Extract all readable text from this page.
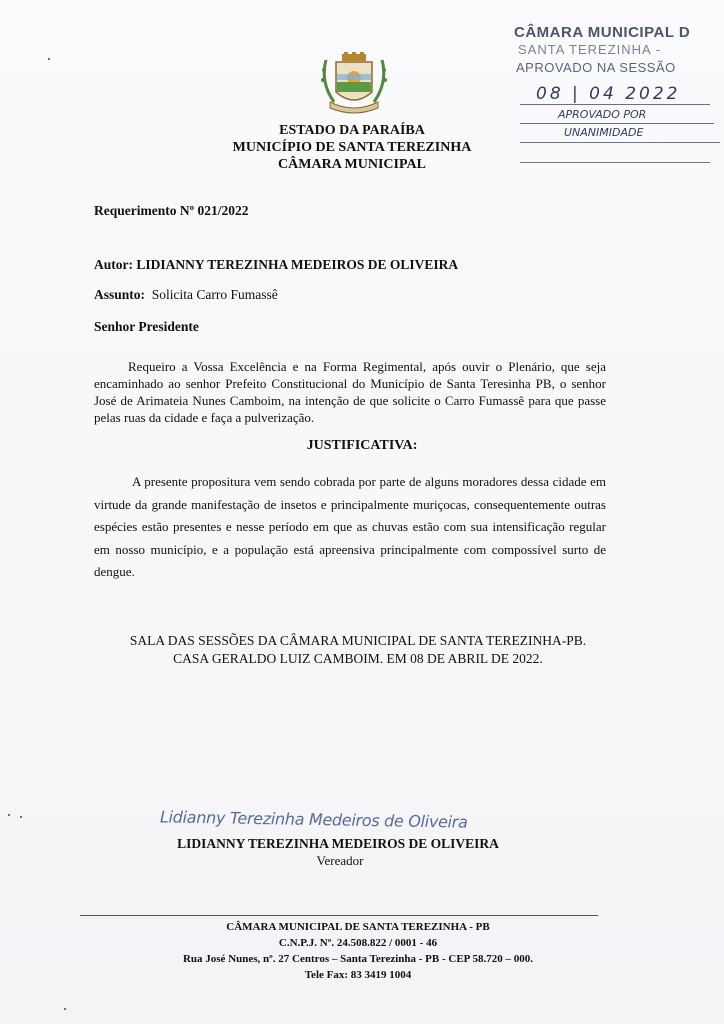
CÂMARA MUNICIPAL D
SANTA TEREZINHA -
APROVADO NA SESSÃO
08 | 04 2022
APROVADO POR
UNANIMIDADE
ESTADO DA PARAÍBA
MUNICÍPIO DE SANTA TEREZINHA
CÂMARA MUNICIPAL
Requerimento Nº 021/2022
Autor: LIDIANNY TEREZINHA MEDEIROS DE OLIVEIRA
Assunto: Solicita Carro Fumassê
Senhor Presidente
Requeiro a Vossa Excelência e na Forma Regimental, após ouvir o Plenário, que seja encaminhado ao senhor Prefeito Constitucional do Município de Santa Teresinha PB, o senhor José de Arimateia Nunes Camboim, na intenção de que solicite o Carro Fumassê para que passe pelas ruas da cidade e faça a pulverização.
JUSTIFICATIVA:
A presente propositura vem sendo cobrada por parte de alguns moradores dessa cidade em virtude da grande manifestação de insetos e principalmente muriçocas, consequentemente outras espécies estão presentes e nesse período em que as chuvas estão com sua intensificação regular em nosso município, e a população está apreensiva principalmente com compossível surto de dengue.
SALA DAS SESSÕES DA CÂMARA MUNICIPAL DE SANTA TEREZINHA-PB.
CASA GERALDO LUIZ CAMBOIM. EM 08 DE ABRIL DE 2022.
Lidianny Terezinha Medeiros de Oliveira
LIDIANNY TEREZINHA MEDEIROS DE OLIVEIRA
Vereador
CÂMARA MUNICIPAL DE SANTA TEREZINHA - PB
C.N.P.J. Nº. 24.508.822 / 0001 - 46
Rua José Nunes, nº. 27 Centros – Santa Terezinha - PB - CEP 58.720 – 000.
Tele Fax: 83 3419 1004
